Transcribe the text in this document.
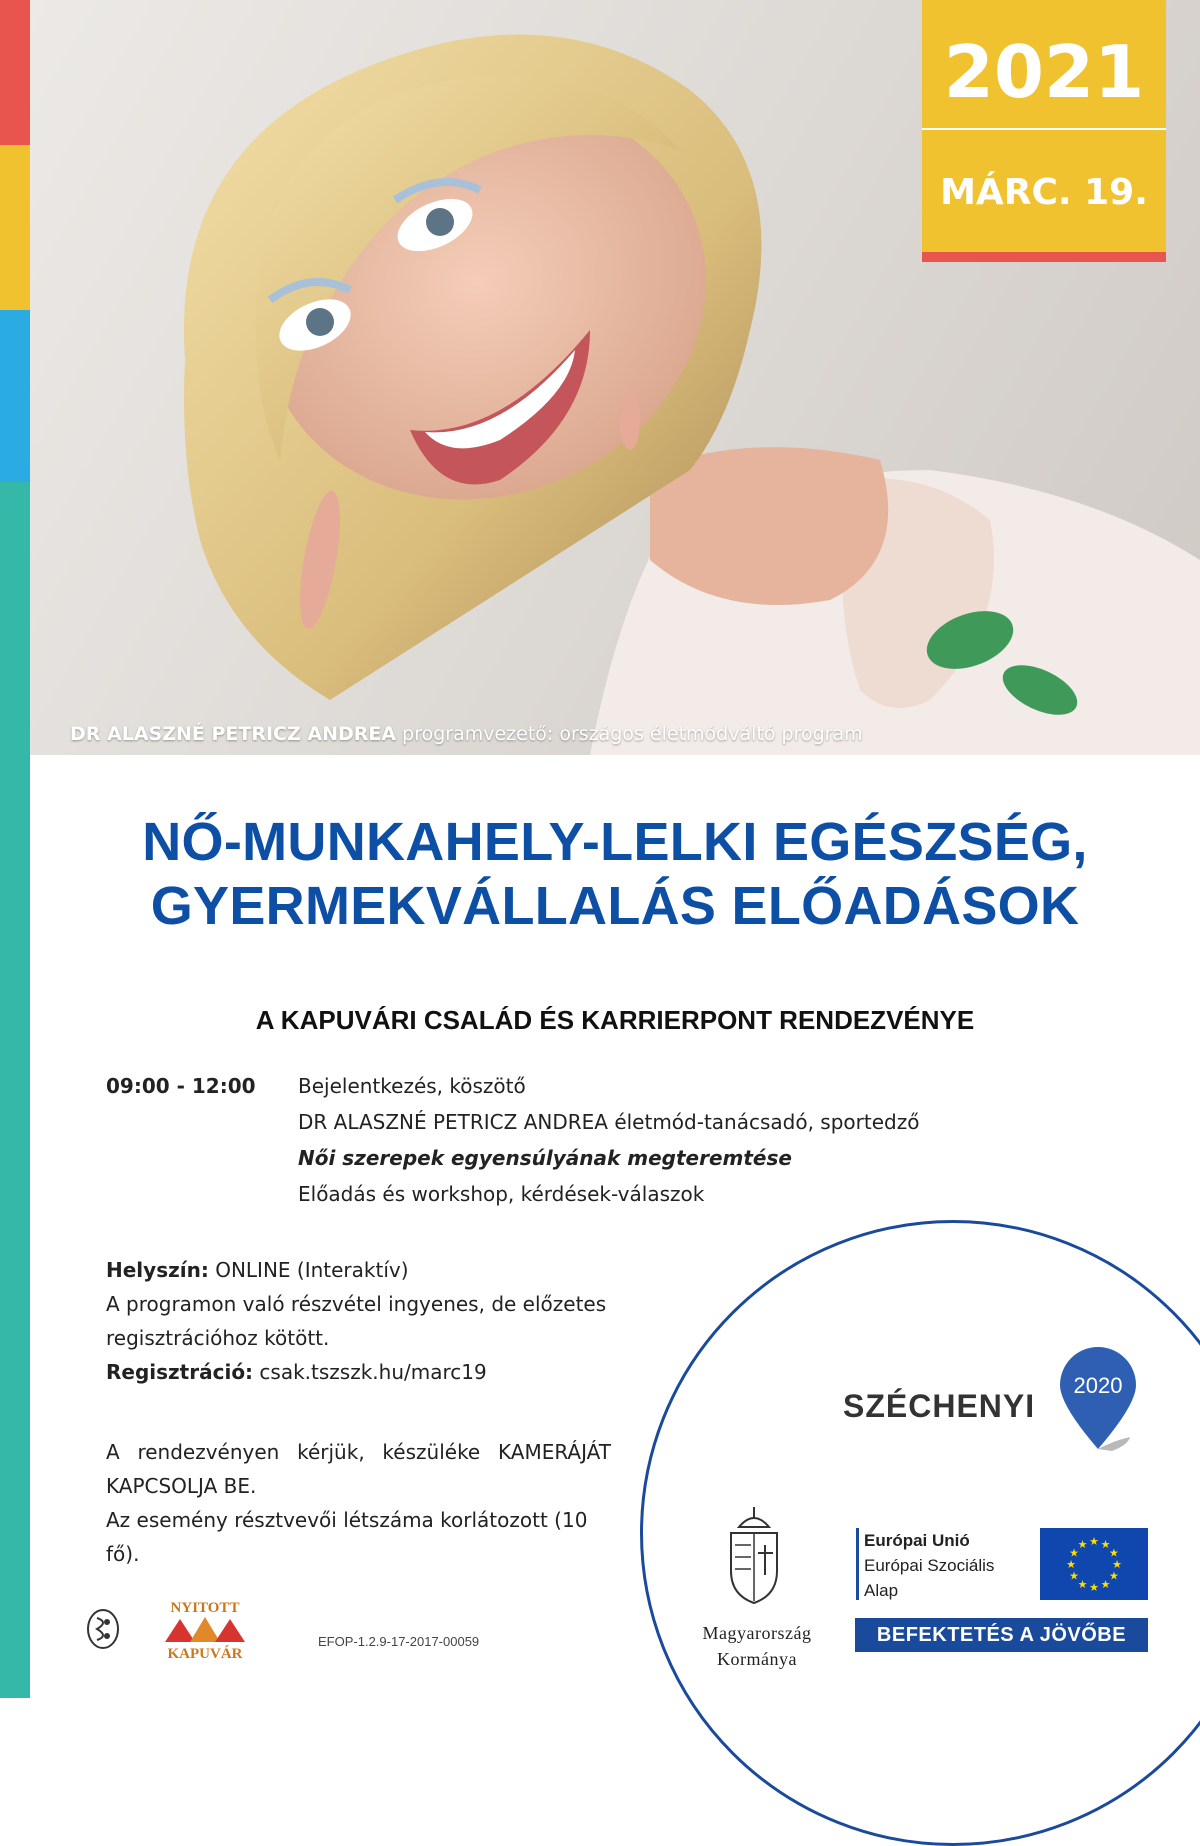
DR ALASZNÉ PETRICZ ANDREA programvezető: országos életmódváltó program
2021
MÁRC. 19.
NŐ-MUNKAHELY-LELKI EGÉSZSÉG,
GYERMEKVÁLLALÁS ELŐADÁSOK
A KAPUVÁRI CSALÁD ÉS KARRIERPONT RENDEZVÉNYE
09:00 - 12:00 Bejelentkezés, köszötő
DR ALASZNÉ PETRICZ ANDREA életmód-tanácsadó, sportedző
Női szerepek egyensúlyának megteremtése
Előadás és workshop, kérdések-válaszok
Helyszín: ONLINE (Interaktív)
A programon való részvétel ingyenes, de előzetes regisztrációhoz kötött.
Regisztráció: csak.tszszk.hu/marc19
A rendezvényen kérjük, készüléke KAMERÁJÁT KAPCSOLJA BE.
Az esemény résztvevői létszáma korlátozott (10 fő).
NYITOTT
KAPUVÁR
EFOP-1.2.9-17-2017-00059
SZÉCHENYI
2020
Magyarország
Kormánya
Európai Unió
Európai Szociális
Alap
★ ★
★
★
★
★
★
★
★
★
★
★
BEFEKTETÉS A JÖVŐBE
